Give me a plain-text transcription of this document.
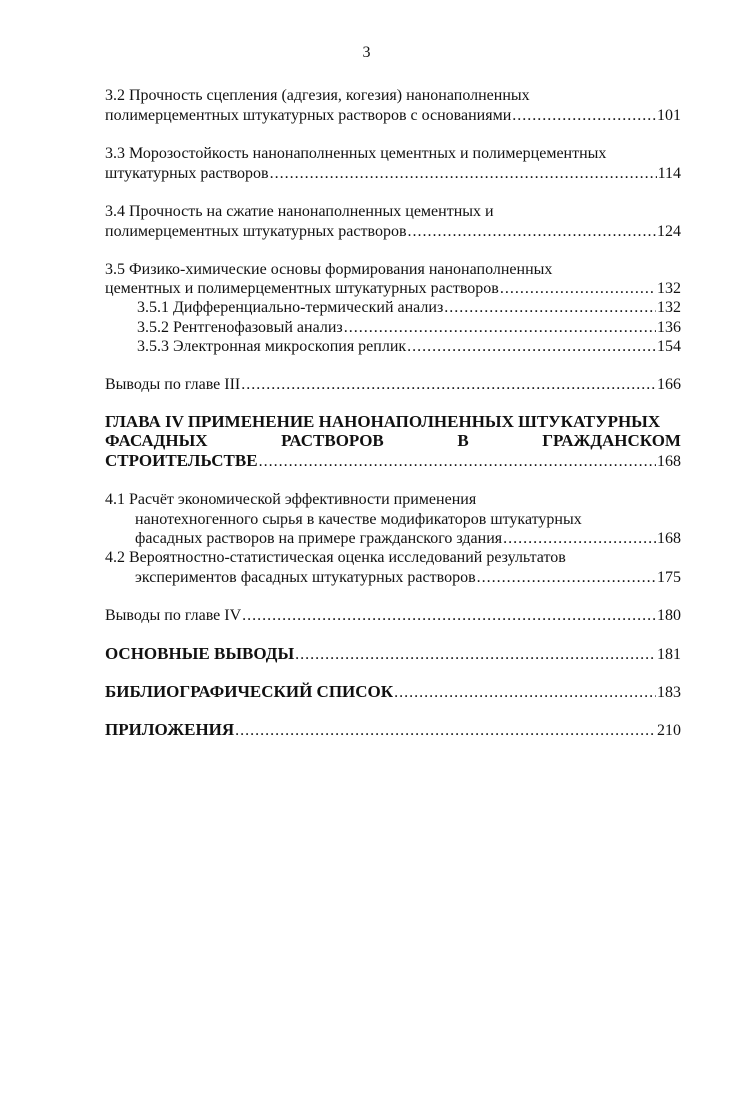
3
3.2 Прочность сцепления (адгезия, когезия) нанонаполненных
полимерцементных штукатурных растворов с основаниями .....	101
3.3 Морозостойкость нанонаполненных цементных и полимерцементных
штукатурных растворов .....	114
3.4 Прочность на сжатие нанонаполненных цементных и
полимерцементных штукатурных растворов .....	124
3.5 Физико-химические основы формирования нанонаполненных
цементных и полимерцементных штукатурных растворов .....	132
3.5.1 Дифференциально-термический анализ .....	132
3.5.2 Рентгенофазовый анализ .....	136
3.5.3 Электронная микроскопия реплик .....	154
Выводы по главе III .....	166
ГЛАВА IV ПРИМЕНЕНИЕ НАНОНАПОЛНЕННЫХ ШТУКАТУРНЫХ
ФАСАДНЫХ	РАСТВОРОВ	В	ГРАЖДАНСКОМ
СТРОИТЕЛЬСТВЕ .....	168
4.1 Расчёт экономической эффективности применения
нанотехногенного сырья в качестве модификаторов штукатурных
фасадных растворов на примере гражданского здания .....	168
4.2 Вероятностно-статистическая оценка исследований результатов
экспериментов фасадных штукатурных растворов .....	175
Выводы по главе IV .....	180
ОСНОВНЫЕ ВЫВОДЫ .....	181
БИБЛИОГРАФИЧЕСКИЙ СПИСОК .....	183
ПРИЛОЖЕНИЯ .....	210
